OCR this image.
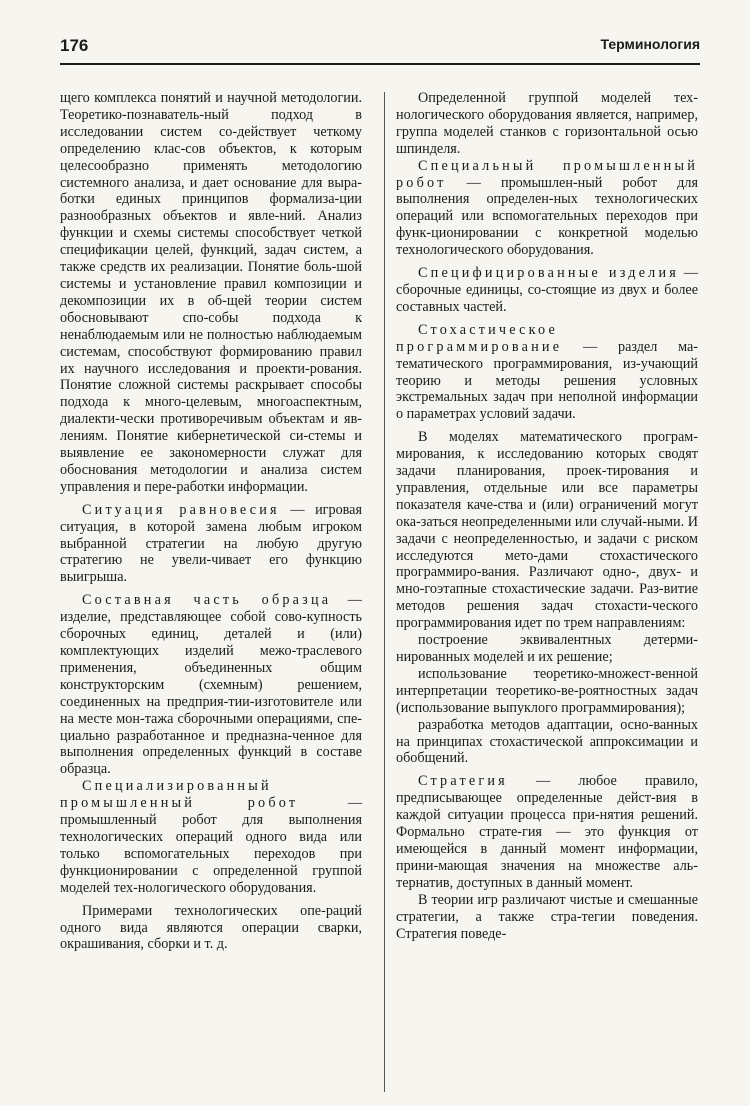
176	Терминология

щего комплекса понятий и научной методологии. Теоретико-познаватель-ный подход в исследовании систем со-действует четкому определению клас-сов объектов, к которым целесообразно применять методологию системного анализа, и дает основание для выра-ботки единых принципов формализа-ции разнообразных объектов и явле-ний. Анализ функции и схемы системы способствует четкой спецификации целей, функций, задач систем, а также средств их реализации. Понятие боль-шой системы и установление правил композиции и декомпозиции их в об-щей теории систем обосновывают спо-собы подхода к ненаблюдаемым или не полностью наблюдаемым системам, способствуют формированию правил их научного исследования и проекти-рования. Понятие сложной системы раскрывает способы подхода к много-целевым, многоаспектным, диалекти-чески противоречивым объектам и яв-лениям. Понятие кибернетической си-стемы и выявление ее закономерности служат для обоснования методологии и анализа систем управления и пере-работки информации.

Ситуация равновесия — игровая ситуация, в которой замена любым игроком выбранной стратегии на любую другую стратегию не увели-чивает его функцию выигрыша.

Составная часть образца — изделие, представляющее собой сово-купность сборочных единиц, деталей и (или) комплектующих изделий межо-траслевого применения, объединенных общим конструкторским (схемным) решением, соединенных на предприя-тии-изготовителе или на месте мон-тажа сборочными операциями, спе-циально разработанное и предназна-ченное для выполнения определенных функций в составе образца.

Специализированный промышленный робот — промышленный робот для выполнения технологических операций одного вида или только вспомогательных переходов при функционировании с определенной группой моделей тех-нологического оборудования.

Примерами технологических опе-раций одного вида являются операции сварки, окрашивания, сборки и т. д.

Определенной группой моделей тех-нологического оборудования является, например, группа моделей станков с горизонтальной осью шпинделя.

Специальный промышленный робот — промышлен-ный робот для выполнения определен-ных технологических операций или вспомогательных переходов при функ-ционировании с конкретной моделью технологического оборудования.

Специфицированные изделия — сборочные единицы, со-стоящие из двух и более составных частей.

Стохастическое программирование — раздел ма-тематического программирования, из-учающий теорию и методы решения условных экстремальных задач при неполной информации о параметрах условий задачи.

В моделях математического програм-мирования, к исследованию которых сводят задачи планирования, проек-тирования и управления, отдельные или все параметры показателя каче-ства и (или) ограничений могут ока-заться неопределенными или случай-ными. И задачи с неопределенностью, и задачи с риском исследуются мето-дами стохастического программиро-вания. Различают одно-, двух- и мно-гоэтапные стохастические задачи. Раз-витие методов решения задач стохасти-ческого программирования идет по трем направлениям:

построение эквивалентных детерми-нированных моделей и их решение;

использование теоретико-множест-венной интерпретации теоретико-ве-роятностных задач (использование выпуклого программирования);

разработка методов адаптации, осно-ванных на принципах стохастической аппроксимации и обобщений.

Стратегия — любое правило, предписывающее определенные дейст-вия в каждой ситуации процесса при-нятия решений. Формально страте-гия — это функция от имеющейся в данный момент информации, прини-мающая значения на множестве аль-тернатив, доступных в данный момент.

В теории игр различают чистые и смешанные стратегии, а также стра-тегии поведения. Стратегия поведе-
